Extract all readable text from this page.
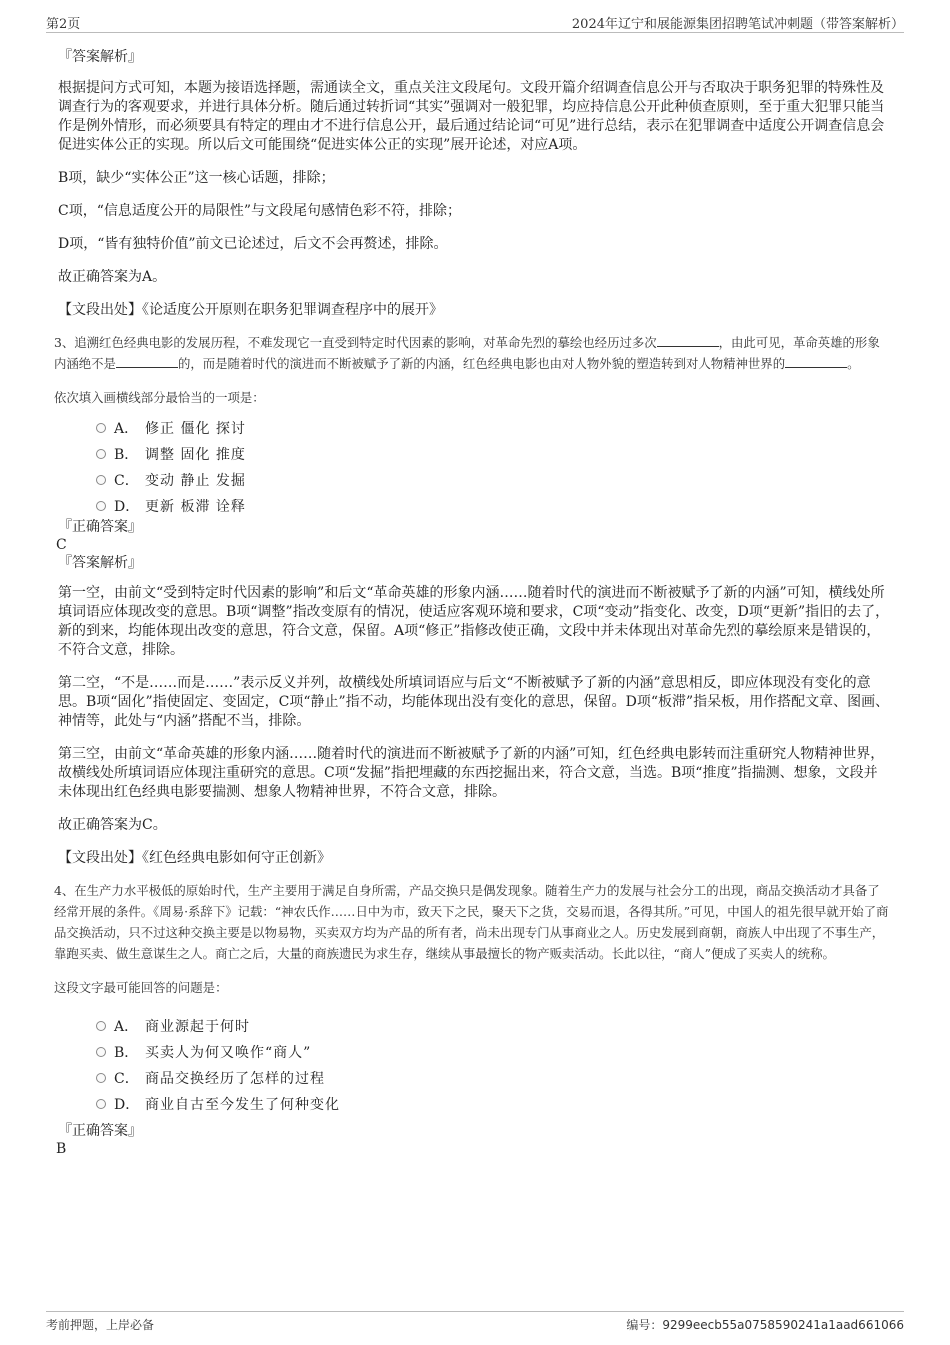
第2页	2024年辽宁和展能源集团招聘笔试冲刺题（带答案解析）
『答案解析』
根据提问方式可知，本题为接语选择题，需通读全文，重点关注文段尾句。文段开篇介绍调查信息公开与否取决于职务犯罪的特殊性及调查行为的客观要求，并进行具体分析。随后通过转折词“其实”强调对一般犯罪，均应持信息公开此种侦查原则，至于重大犯罪只能当作是例外情形，而必须要具有特定的理由才不进行信息公开，最后通过结论词“可见”进行总结，表示在犯罪调查中适度公开调查信息会促进实体公正的实现。所以后文可能围绕“促进实体公正的实现”展开论述，对应A项。
B项，缺少“实体公正”这一核心话题，排除；
C项，“信息适度公开的局限性”与文段尾句感情色彩不符，排除；
D项，“皆有独特价值”前文已论述过，后文不会再赘述，排除。
故正确答案为A。
【文段出处】《论适度公开原则在职务犯罪调查程序中的展开》
3、追溯红色经典电影的发展历程，不难发现它一直受到特定时代因素的影响，对革命先烈的摹绘也经历过多次	，由此可见，革命英雄的形象内涵绝不是	的，而是随着时代的演进而不断被赋予了新的内涵，红色经典电影也由对人物外貌的塑造转到对人物精神世界的	。
依次填入画横线部分最恰当的一项是：
A． 修正 僵化 探讨
B． 调整 固化 推度
C． 变动 静止 发掘
D． 更新 板滞 诠释
『正确答案』
C
『答案解析』
第一空，由前文“受到特定时代因素的影响”和后文“革命英雄的形象内涵……随着时代的演进而不断被赋予了新的内涵”可知，横线处所填词语应体现改变的意思。B项“调整”指改变原有的情况，使适应客观环境和要求，C项“变动”指变化、改变，D项“更新”指旧的去了，新的到来，均能体现出改变的意思，符合文意，保留。A项“修正”指修改使正确，文段中并未体现出对革命先烈的摹绘原来是错误的，不符合文意，排除。
第二空，“不是……而是……”表示反义并列，故横线处所填词语应与后文“不断被赋予了新的内涵”意思相反，即应体现没有变化的意思。B项“固化”指使固定、变固定，C项“静止”指不动，均能体现出没有变化的意思，保留。D项“板滞”指呆板，用作搭配文章、图画、神情等，此处与“内涵”搭配不当，排除。
第三空，由前文“革命英雄的形象内涵……随着时代的演进而不断被赋予了新的内涵”可知，红色经典电影转而注重研究人物精神世界，故横线处所填词语应体现注重研究的意思。C项“发掘”指把埋藏的东西挖掘出来，符合文意，当选。B项“推度”指揣测、想象，文段并未体现出红色经典电影要揣测、想象人物精神世界，不符合文意，排除。
故正确答案为C。
【文段出处】《红色经典电影如何守正创新》
4、在生产力水平极低的原始时代，生产主要用于满足自身所需，产品交换只是偶发现象。随着生产力的发展与社会分工的出现，商品交换活动才具备了经常开展的条件。《周易·系辞下》记载：“神农氏作……日中为市，致天下之民，聚天下之货，交易而退，各得其所。”可见，中国人的祖先很早就开始了商品交换活动，只不过这种交换主要是以物易物，买卖双方均为产品的所有者，尚未出现专门从事商业之人。历史发展到商朝，商族人中出现了不事生产，靠跑买卖、做生意谋生之人。商亡之后，大量的商族遗民为求生存，继续从事最擅长的物产贩卖活动。长此以往，“商人”便成了买卖人的统称。
这段文字最可能回答的问题是：
A． 商业源起于何时
B． 买卖人为何又唤作“商人”
C． 商品交换经历了怎样的过程
D． 商业自古至今发生了何种变化
『正确答案』
B
考前押题，上岸必备	编号：9299eecb55a0758590241a1aad661066
